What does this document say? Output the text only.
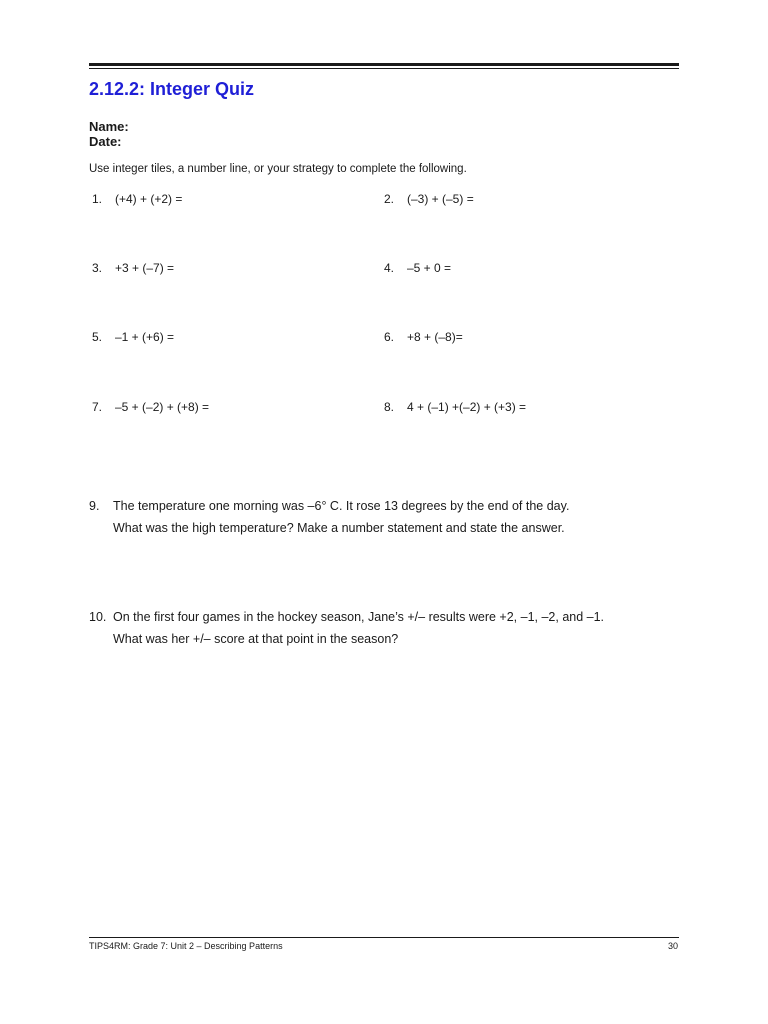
2.12.2: Integer Quiz
Name:
Date:
Use integer tiles, a number line, or your strategy to complete the following.
1. (+4) + (+2) =	2. (–3) + (–5) =
3. +3 + (–7) =	4. –5 + 0 =
5. –1 + (+6) =	6. +8 + (–8)=
7. –5 + (–2) + (+8) =	8. 4 + (–1) +(–2) + (+3) =
9. The temperature one morning was –6° C. It rose 13 degrees by the end of the day.
What was the high temperature? Make a number statement and state the answer.
10. On the first four games in the hockey season, Jane’s +/– results were +2, –1, –2, and –1.
What was her +/– score at that point in the season?
TIPS4RM: Grade 7: Unit 2 – Describing Patterns	30
